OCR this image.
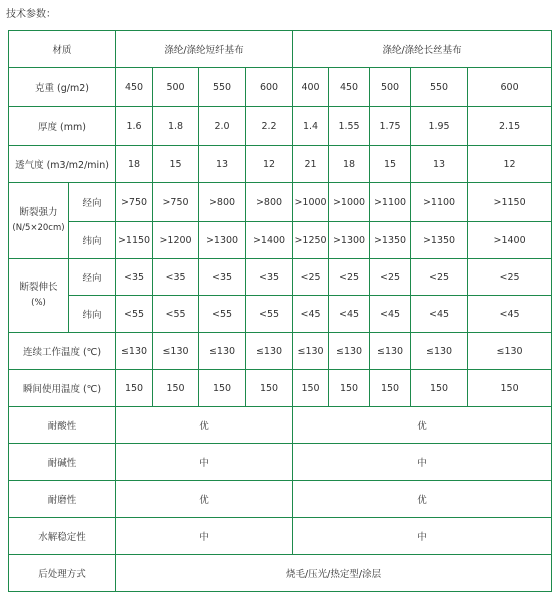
技术参数：
材质		涤纶/涤纶短纤基布				涤纶/涤纶长丝基布				
克重 (g/m2)		450	500	550	600	400	450	500	550	600
厚度 (mm)		1.6	1.8	2.0	2.2	1.4	1.55	1.75	1.95	2.15
透气度 (m3/m2/min)		18	15	13	12	21	18	15	13	12
断裂强力
(N/5×20cm)	经向	>750	>750	>800	>800	>1000	>1000	>1100	>1100	>1150
	纬向	>1150	>1200	>1300	>1400	>1250	>1300	>1350	>1350	>1400
断裂伸长
(%)	经向	<35	<35	<35	<35	<25	<25	<25	<25	<25
	纬向	<55	<55	<55	<55	<45	<45	<45	<45	<45
连续工作温度 (℃)		≤130	≤130	≤130	≤130	≤130	≤130	≤130	≤130	≤130
瞬间使用温度 (℃)		150	150	150	150	150	150	150	150	150
耐酸性		优				优				
耐碱性		中				中				
耐磨性		优				优				
水解稳定性		中				中				
后处理方式		烧毛/压光/热定型/涂层								
